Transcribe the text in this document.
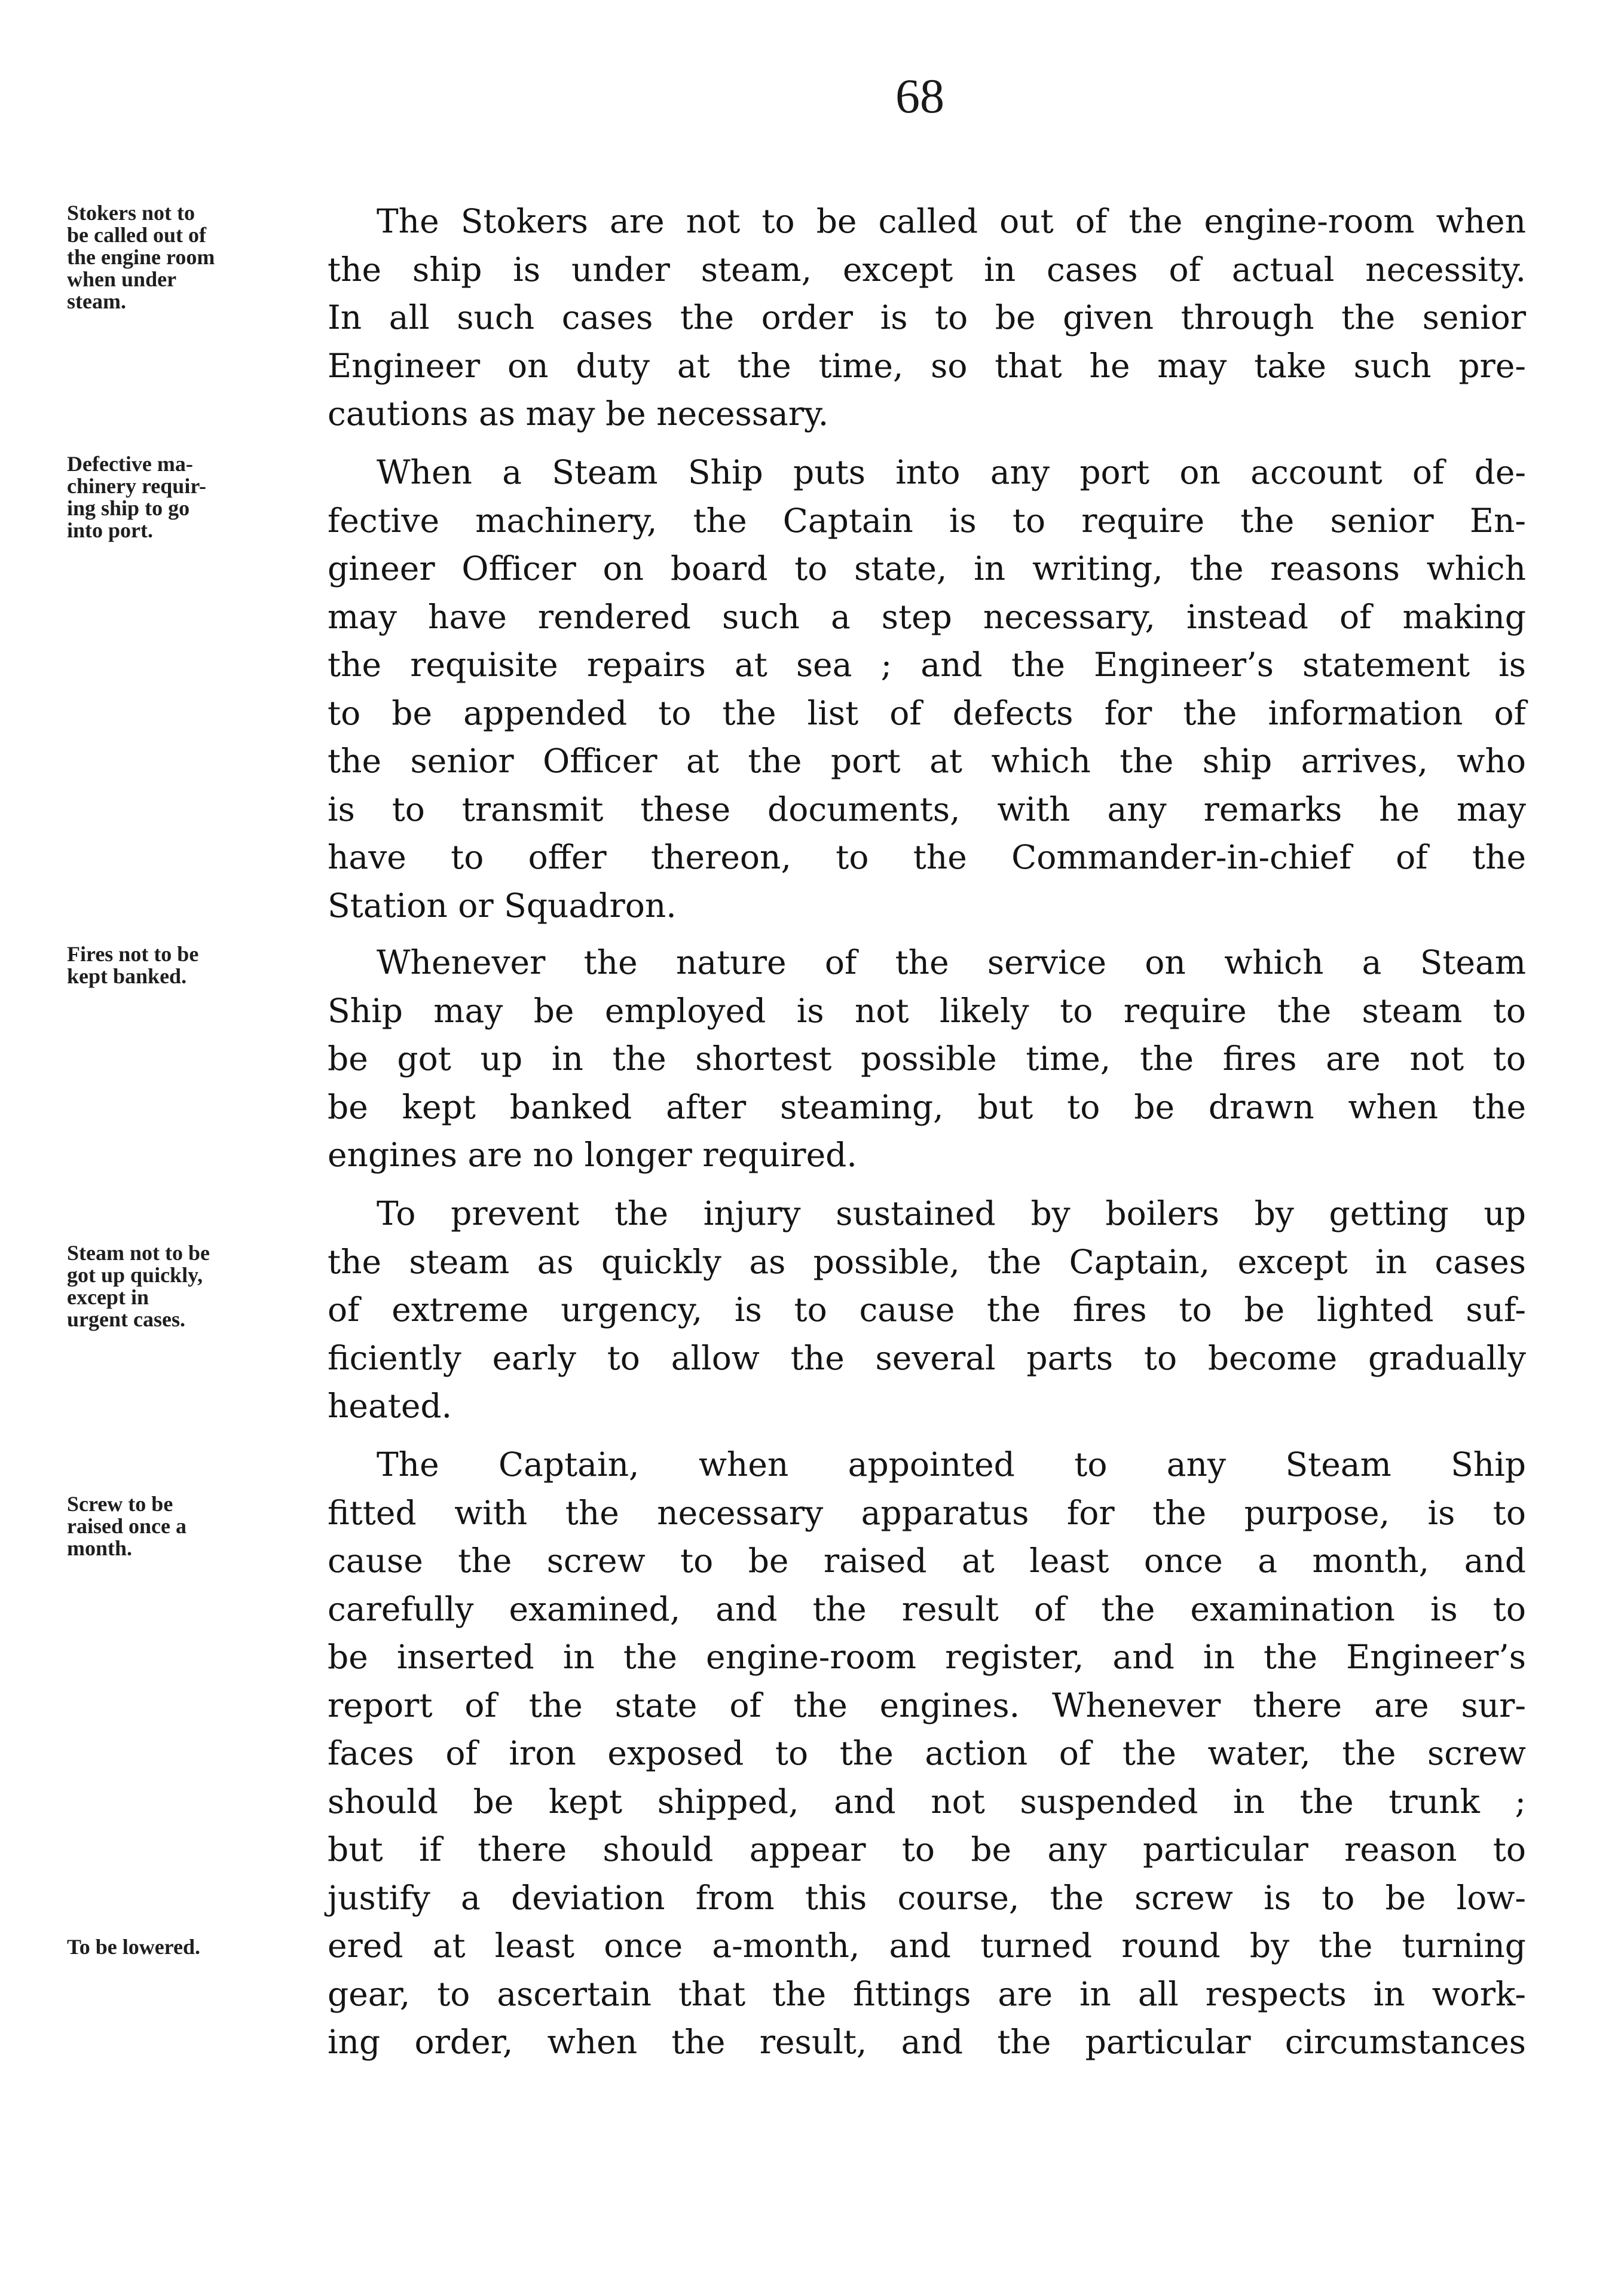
68
Stokers not to
be called out of
the engine room
when under
steam.
The Stokers are not to be called out of the engine-room when
the ship is under steam, except in cases of actual necessity.
In all such cases the order is to be given through the senior
Engineer on duty at the time, so that he may take such pre-
cautions as may be necessary.
Defective ma-
chinery requir-
ing ship to go
into port.
When a Steam Ship puts into any port on account of de-
fective machinery, the Captain is to require the senior En-
gineer Officer on board to state, in writing, the reasons which
may have rendered such a step necessary, instead of making
the requisite repairs at sea ; and the Engineer’s statement is
to be appended to the list of defects for the information of
the senior Officer at the port at which the ship arrives, who
is to transmit these documents, with any remarks he may
have to offer thereon, to the Commander-in-chief of the
Station or Squadron.
Fires not to be
kept banked.	Whenever the nature of the service on which a Steam
Ship may be employed is not likely to require the steam to
be got up in the shortest possible time, the fires are not to
be kept banked after steaming, but to be drawn when the
engines are no longer required.
Steam not to be
got up quickly,
except in
urgent cases.
To prevent the injury sustained by boilers by getting up
the steam as quickly as possible, the Captain, except in cases
of extreme urgency, is to cause the fires to be lighted suf-
ficiently early to allow the several parts to become gradually
heated.
Screw to be
raised once a
month.
The Captain, when appointed to any Steam Ship
fitted with the necessary apparatus for the purpose, is to
cause the screw to be raised at least once a month, and
carefully examined, and the result of the examination is to
be inserted in the engine-room register, and in the Engineer’s
report of the state of the engines. Whenever there are sur-
faces of iron exposed to the action of the water, the screw
should be kept shipped, and not suspended in the trunk ;
but if there should appear to be any particular reason to
justify a deviation from this course, the screw is to be low-
ered at least once a-month, and turned round by the turning
gear, to ascertain that the fittings are in all respects in work-
ing order, when the result, and the particular circumstances
To be lowered.
